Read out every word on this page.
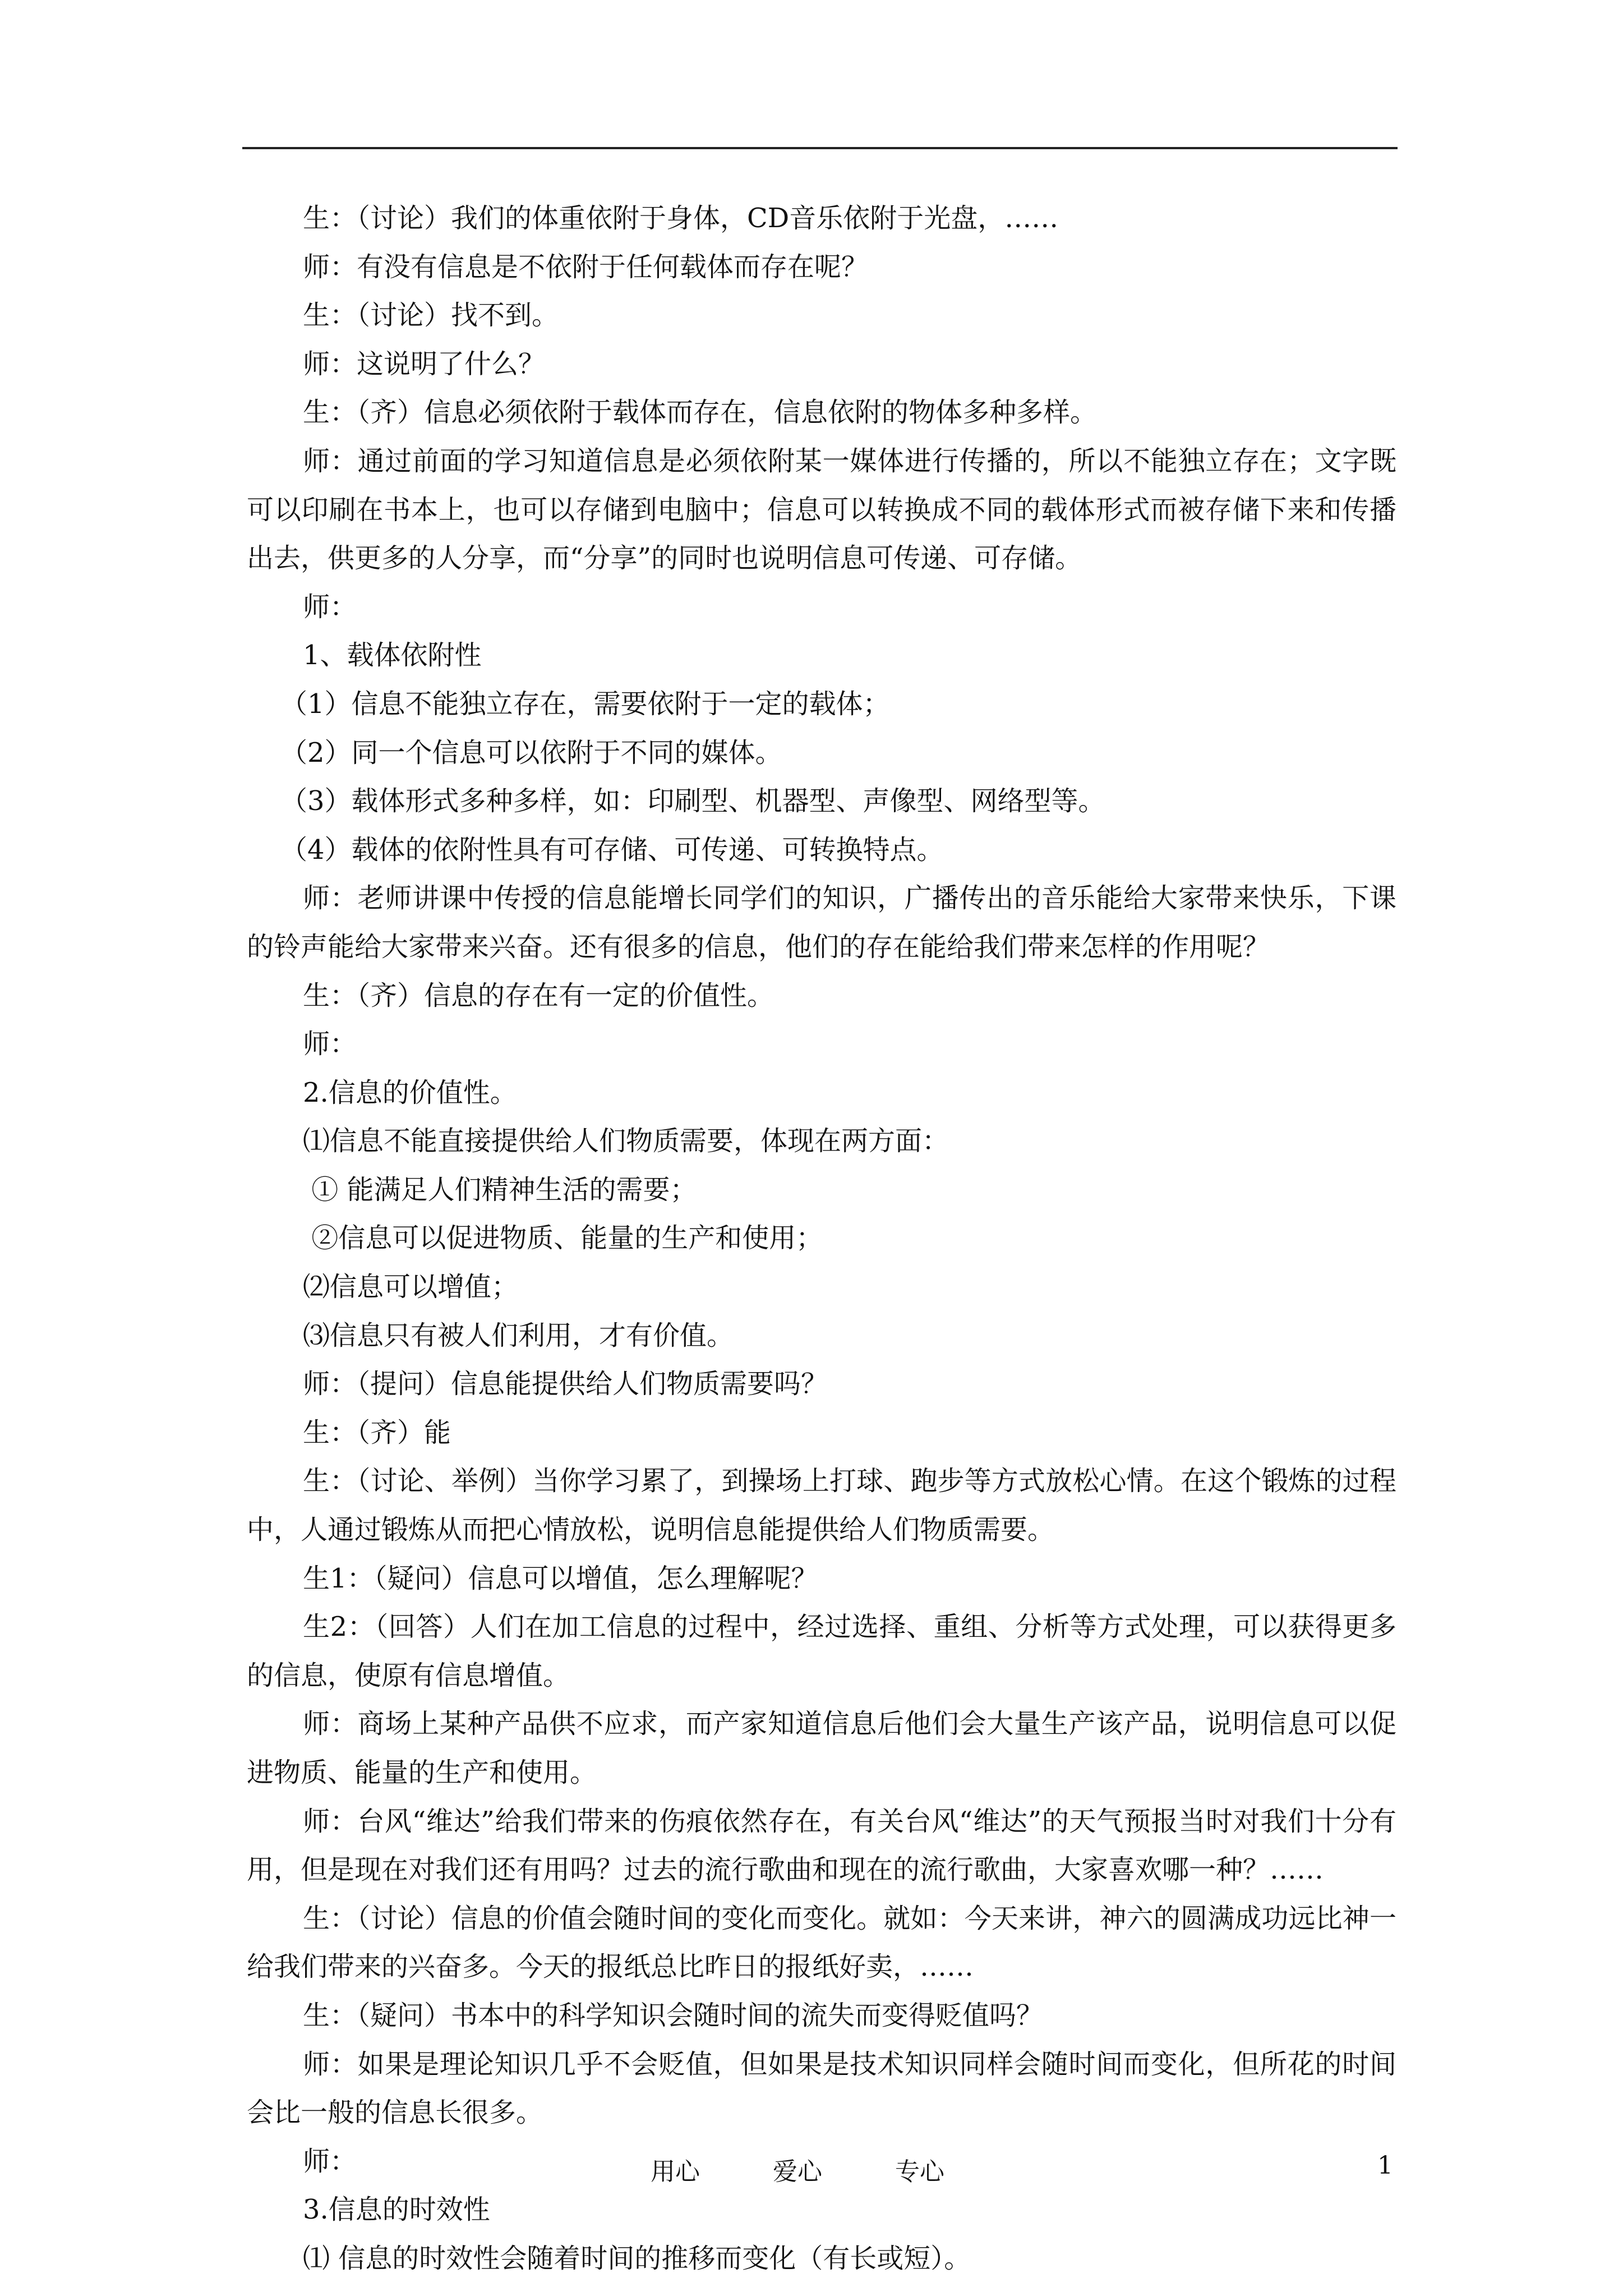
生：（讨论）我们的体重依附于身体，CD音乐依附于光盘，……

师：有没有信息是不依附于任何载体而存在呢？

生：（讨论）找不到。

师：这说明了什么？

生：（齐）信息必须依附于载体而存在，信息依附的物体多种多样。

师：通过前面的学习知道信息是必须依附某一媒体进行传播的，所以不能独立存在；文字既可以印刷在书本上，也可以存储到电脑中；信息可以转换成不同的载体形式而被存储下来和传播出去，供更多的人分享，而“分享”的同时也说明信息可传递、可存储。

师：

1、载体依附性

（1）信息不能独立存在，需要依附于一定的载体；

（2）同一个信息可以依附于不同的媒体。

（3）载体形式多种多样，如：印刷型、机器型、声像型、网络型等。

（4）载体的依附性具有可存储、可传递、可转换特点。

师：老师讲课中传授的信息能增长同学们的知识，广播传出的音乐能给大家带来快乐，下课的铃声能给大家带来兴奋。还有很多的信息，他们的存在能给我们带来怎样的作用呢？

生：（齐）信息的存在有一定的价值性。

师：

2.信息的价值性。

⑴信息不能直接提供给人们物质需要，体现在两方面：

① 能满足人们精神生活的需要；

②信息可以促进物质、能量的生产和使用；

⑵信息可以增值；

⑶信息只有被人们利用，才有价值。

师：（提问）信息能提供给人们物质需要吗？

生：（齐）能

生：（讨论、举例）当你学习累了，到操场上打球、跑步等方式放松心情。在这个锻炼的过程中，人通过锻炼从而把心情放松，说明信息能提供给人们物质需要。

生1：（疑问）信息可以增值，怎么理解呢？

生2：（回答）人们在加工信息的过程中，经过选择、重组、分析等方式处理，可以获得更多的信息，使原有信息增值。

师：商场上某种产品供不应求，而产家知道信息后他们会大量生产该产品，说明信息可以促进物质、能量的生产和使用。

师：台风“维达”给我们带来的伤痕依然存在，有关台风“维达”的天气预报当时对我们十分有用，但是现在对我们还有用吗？过去的流行歌曲和现在的流行歌曲，大家喜欢哪一种？……

生：（讨论）信息的价值会随时间的变化而变化。就如：今天来讲，神六的圆满成功远比神一给我们带来的兴奋多。今天的报纸总比昨日的报纸好卖，……

生：（疑问）书本中的科学知识会随时间的流失而变得贬值吗？

师：如果是理论知识几乎不会贬值，但如果是技术知识同样会随时间而变化，但所花的时间会比一般的信息长很多。

师：

3.信息的时效性

⑴ 信息的时效性会随着时间的推移而变化（有长或短）。

用心	爱心	专心	1
